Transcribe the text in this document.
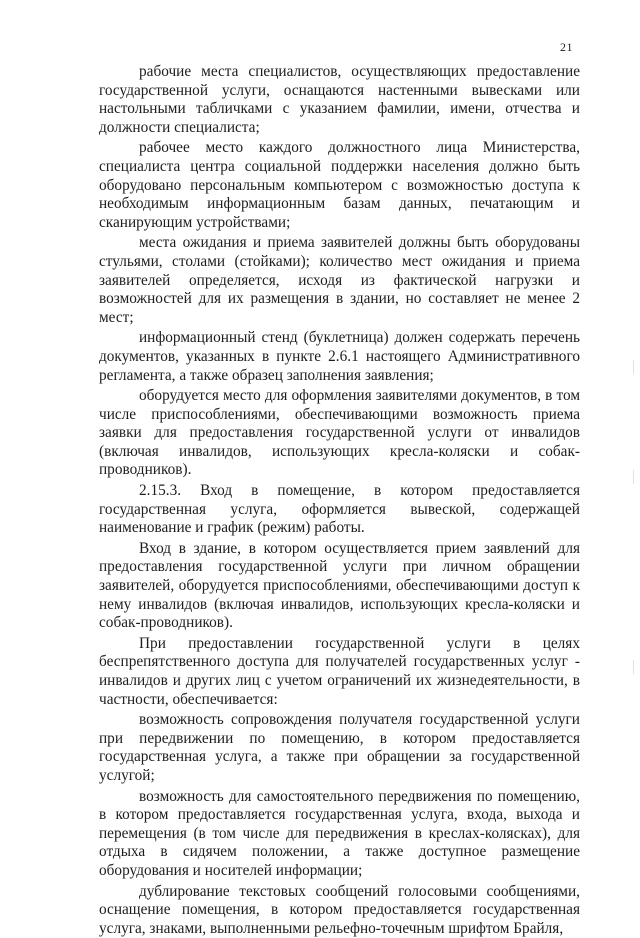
21

рабочие места специалистов, осуществляющих предоставление государственной услуги, оснащаются настенными вывесками или настольными табличками с указанием фамилии, имени, отчества и должности специалиста;

рабочее место каждого должностного лица Министерства, специалиста центра социальной поддержки населения должно быть оборудовано персональным компьютером с возможностью доступа к необходимым информационным базам данных, печатающим и сканирующим устройствами;

места ожидания и приема заявителей должны быть оборудованы стульями, столами (стойками); количество мест ожидания и приема заявителей определяется, исходя из фактической нагрузки и возможностей для их размещения в здании, но составляет не менее 2 мест;

информационный стенд (буклетница) должен содержать перечень документов, указанных в пункте 2.6.1 настоящего Административного регламента, а также образец заполнения заявления;

оборудуется место для оформления заявителями документов, в том числе приспособлениями, обеспечивающими возможность приема заявки для предоставления государственной услуги от инвалидов (включая инвалидов, использующих кресла-коляски и собак-проводников).

2.15.3. Вход в помещение, в котором предоставляется государственная услуга, оформляется вывеской, содержащей наименование и график (режим) работы.

Вход в здание, в котором осуществляется прием заявлений для предоставления государственной услуги при личном обращении заявителей, оборудуется приспособлениями, обеспечивающими доступ к нему инвалидов (включая инвалидов, использующих кресла-коляски и собак-проводников).

При предоставлении государственной услуги в целях беспрепятственного доступа для получателей государственных услуг - инвалидов и других лиц с учетом ограничений их жизнедеятельности, в частности, обеспечивается:

возможность сопровождения получателя государственной услуги при передвижении по помещению, в котором предоставляется государственная услуга, а также при обращении за государственной услугой;

возможность для самостоятельного передвижения по помещению, в котором предоставляется государственная услуга, входа, выхода и перемещения (в том числе для передвижения в креслах-колясках), для отдыха в сидячем положении, а также доступное размещение оборудования и носителей информации;

дублирование текстовых сообщений голосовыми сообщениями, оснащение помещения, в котором предоставляется государственная услуга, знаками, выполненными рельефно-точечным шрифтом Брайля,
